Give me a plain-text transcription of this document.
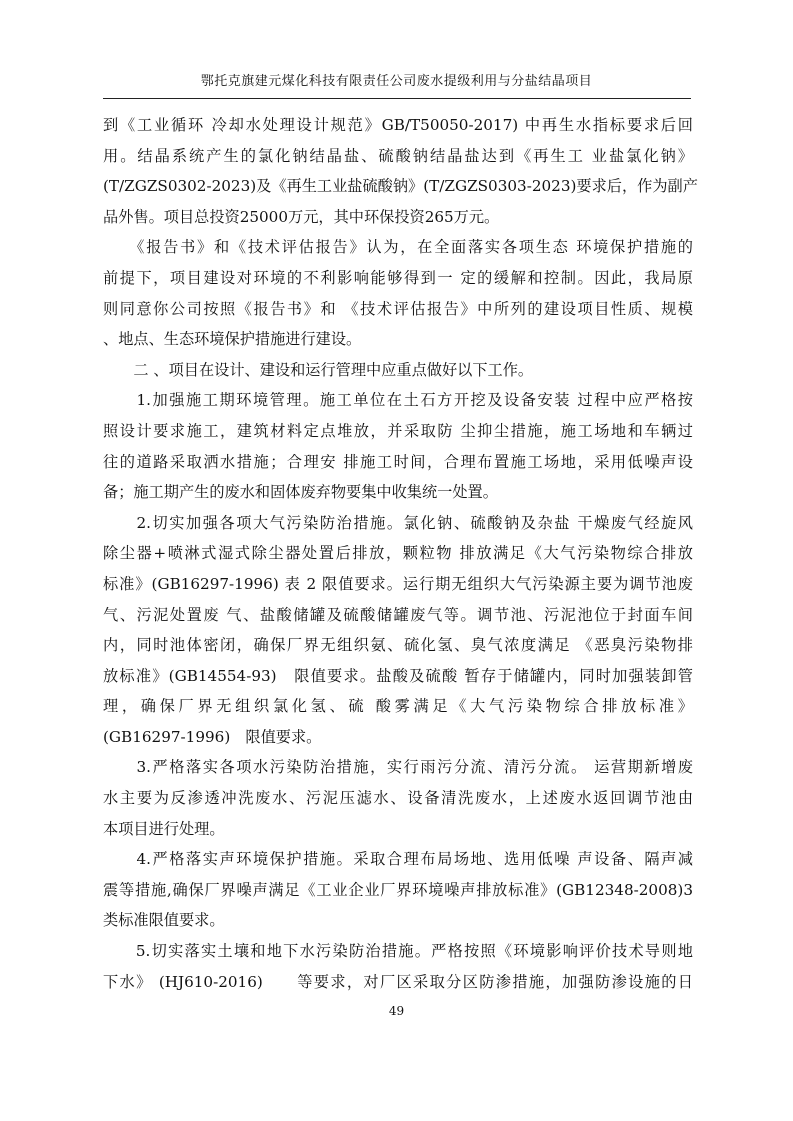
鄂托克旗建元煤化科技有限责任公司废水提级利用与分盐结晶项目
到《工业循环 冷却水处理设计规范》GB/T50050-2017) 中再生水指标要求后回
用。结晶系统产生的氯化钠结晶盐、硫酸钠结晶盐达到《再生工 业盐氯化钠》
(T/ZGZS0302-2023)及《再生工业盐硫酸钠》(T/ZGZS0303-2023)要求后，作为副产
品外售。项目总投资25000万元，其中环保投资265万元。
　　《报告书》和《技术评估报告》认为，在全面落实各项生态 环境保护措施的
前提下，项目建设对环境的不利影响能够得到一 定的缓解和控制。因此，我局原
则同意你公司按照《报告书》和 《技术评估报告》中所列的建设项目性质、规模
、地点、生态环境保护措施进行建设。
　　二 、项目在设计、建设和运行管理中应重点做好以下工作。
　　1.加强施工期环境管理。施工单位在土石方开挖及设备安装 过程中应严格按
照设计要求施工，建筑材料定点堆放，并采取防 尘抑尘措施，施工场地和车辆过
往的道路采取洒水措施；合理安 排施工时间，合理布置施工场地，采用低噪声设
备；施工期产生的废水和固体废弃物要集中收集统一处置。
　　2.切实加强各项大气污染防治措施。氯化钠、硫酸钠及杂盐 干燥废气经旋风
除尘器+喷淋式湿式除尘器处置后排放，颗粒物 排放满足《大气污染物综合排放
标准》(GB16297-1996) 表 2 限值要求。运行期无组织大气污染源主要为调节池废
气、污泥处置废 气、盐酸储罐及硫酸储罐废气等。调节池、污泥池位于封面车间
内，同时池体密闭，确保厂界无组织氨、硫化氢、臭气浓度满足 《恶臭污染物排
放标准》(GB14554-93)　限值要求。盐酸及硫酸 暂存于储罐内，同时加强装卸管
理，确保厂界无组织氯化氢、硫 酸雾满足《大气污染物综合排放标准》
(GB16297-1996)　限值要求。
　　3.严格落实各项水污染防治措施，实行雨污分流、清污分流。 运营期新增废
水主要为反渗透冲洗废水、污泥压滤水、设备清洗废水，上述废水返回调节池由
本项目进行处理。
　　4.严格落实声环境保护措施。采取合理布局场地、选用低噪 声设备、隔声减
震等措施,确保厂界噪声满足《工业企业厂界环境噪声排放标准》(GB12348-2008)3
类标准限值要求。
　　5.切实落实土壤和地下水污染防治措施。严格按照《环境影响评价技术导则地
下水》 (HJ610-2016)　　等要求，对厂区采取分区防渗措施，加强防渗设施的日
49
